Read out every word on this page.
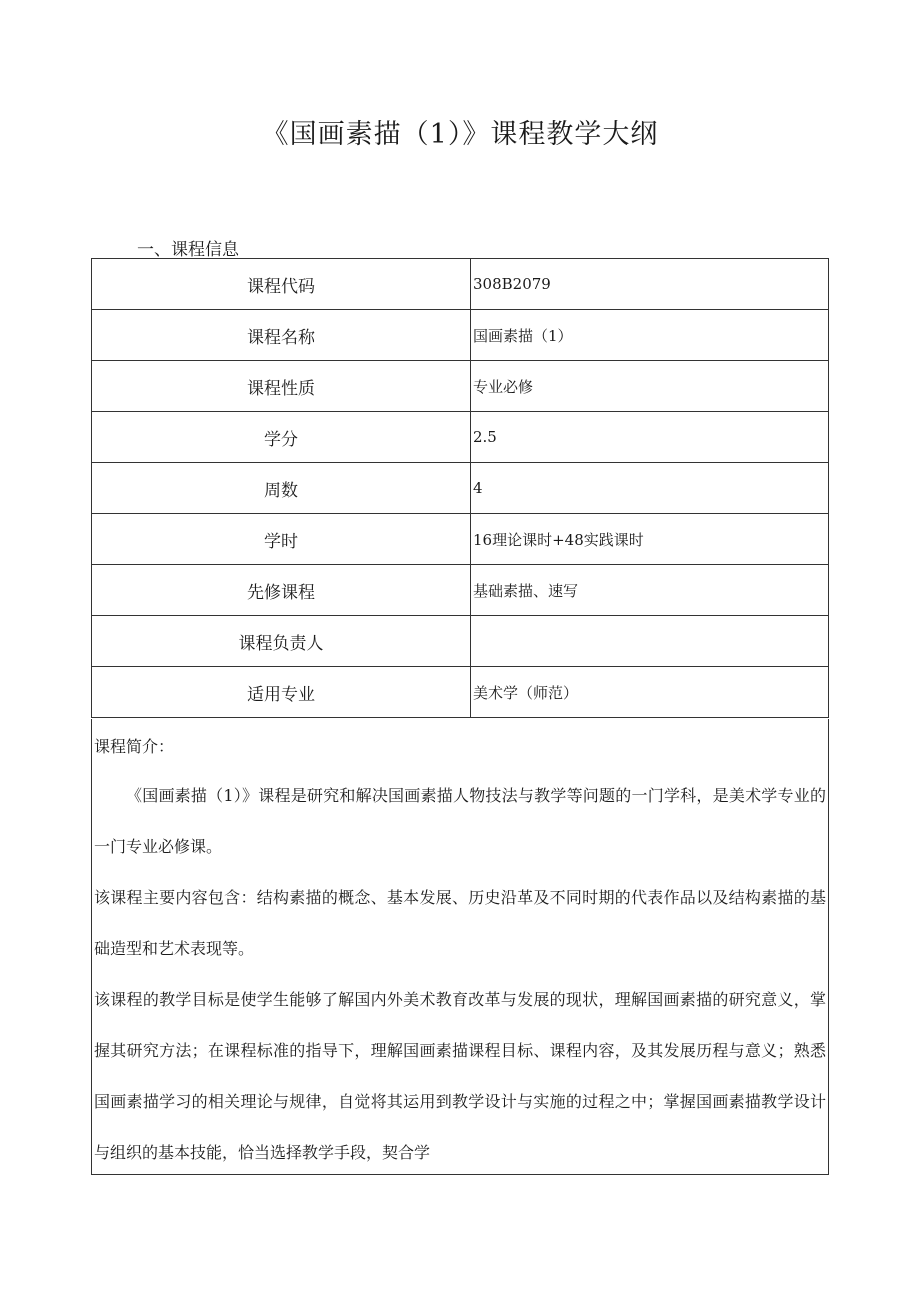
《国画素描（1）》课程教学大纲
一、课程信息
课程代码	308B2079
课程名称	国画素描（1）
课程性质	专业必修
学分	2.5
周数	4
学时	16理论课时+48实践课时
先修课程	基础素描、速写
课程负责人	
适用专业	美术学（师范）

课程简介：

《国画素描（1）》课程是研究和解决国画素描人物技法与教学等问题的一门学科，是美术学专业的一门专业必修课。

该课程主要内容包含：结构素描的概念、基本发展、历史沿革及不同时期的代表作品以及结构素描的基础造型和艺术表现等。

该课程的教学目标是使学生能够了解国内外美术教育改革与发展的现状，理解国画素描的研究意义，掌握其研究方法；在课程标准的指导下，理解国画素描课程目标、课程内容，及其发展历程与意义；熟悉国画素描学习的相关理论与规律，自觉将其运用到教学设计与实施的过程之中；掌握国画素描教学设计与组织的基本技能，恰当选择教学手段，契合学
